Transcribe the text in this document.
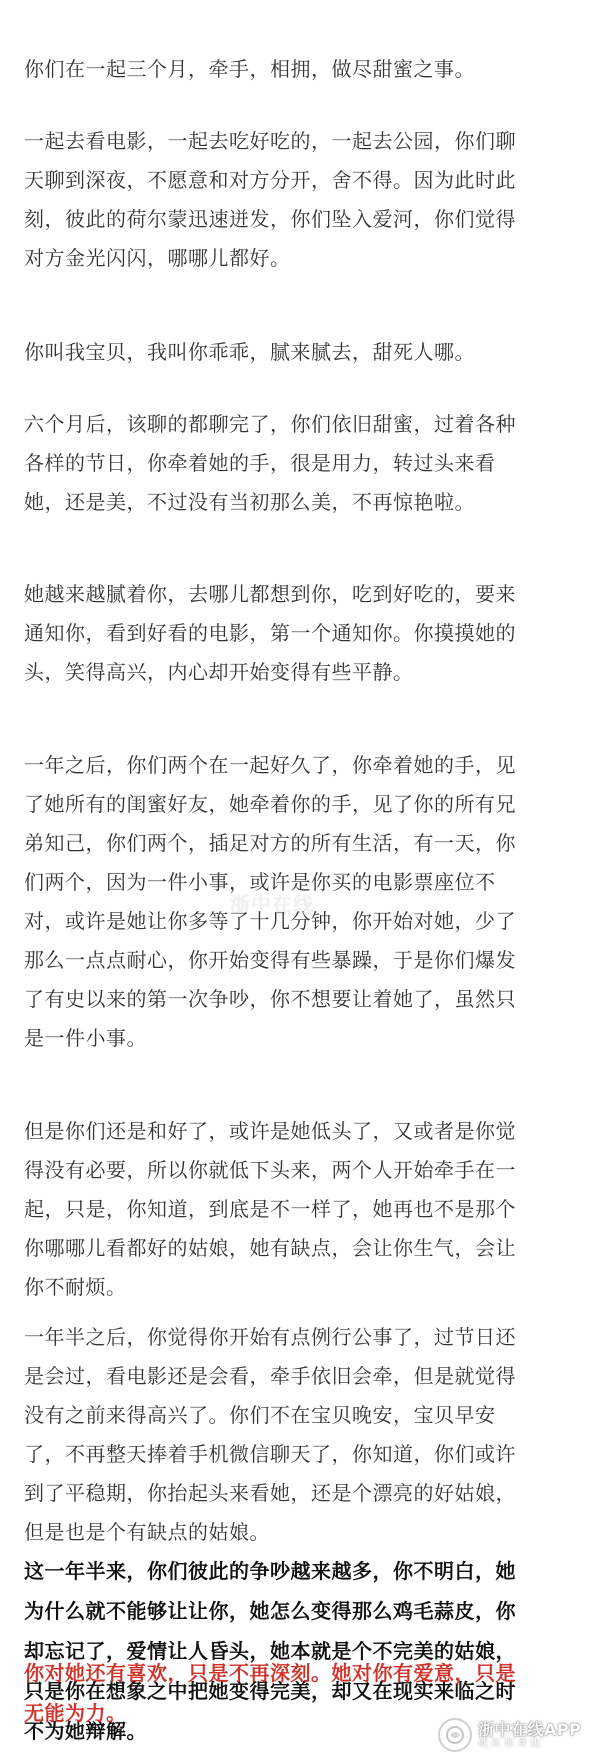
你们在一起三个月，牵手，相拥，做尽甜蜜之事。

一起去看电影，一起去吃好吃的，一起去公园，你们聊
天聊到深夜，不愿意和对方分开，舍不得。因为此时此
刻，彼此的荷尔蒙迅速迸发，你们坠入爱河，你们觉得
对方金光闪闪，哪哪儿都好。

你叫我宝贝，我叫你乖乖，腻来腻去，甜死人哪。

六个月后，该聊的都聊完了，你们依旧甜蜜，过着各种
各样的节日，你牵着她的手，很是用力，转过头来看
她，还是美，不过没有当初那么美，不再惊艳啦。

她越来越腻着你，去哪儿都想到你，吃到好吃的，要来
通知你，看到好看的电影，第一个通知你。你摸摸她的
头，笑得高兴，内心却开始变得有些平静。

一年之后，你们两个在一起好久了，你牵着她的手，见
了她所有的闺蜜好友，她牵着你的手，见了你的所有兄
弟知己，你们两个，插足对方的所有生活，有一天，你
们两个，因为一件小事，或许是你买的电影票座位不
对，或许是她让你多等了十几分钟，你开始对她，少了
那么一点点耐心，你开始变得有些暴躁，于是你们爆发
了有史以来的第一次争吵，你不想要让着她了，虽然只
是一件小事。

但是你们还是和好了，或许是她低头了，又或者是你觉
得没有必要，所以你就低下头来，两个人开始牵手在一
起，只是，你知道，到底是不一样了，她再也不是那个
你哪哪儿看都好的姑娘，她有缺点，会让你生气，会让
你不耐烦。

一年半之后，你觉得你开始有点例行公事了，过节日还
是会过，看电影还是会看，牵手依旧会牵，但是就觉得
没有之前来得高兴了。你们不在宝贝晚安，宝贝早安
了，不再整天捧着手机微信聊天了，你知道，你们或许
到了平稳期，你抬起头来看她，还是个漂亮的好姑娘，
但是也是个有缺点的姑娘。

这一年半来，你们彼此的争吵越来越多，你不明白，她
为什么就不能够让让你，她怎么变得那么鸡毛蒜皮，你
却忘记了，爱情让人昏头，她本就是个不完美的姑娘，
只是你在想象之中把她变得完美，却又在现实来临之时
不为她辩解。

你对她还有喜欢，只是不再深刻。她对你有爱意，只是
无能为力。

浙中在线
浙中在线APP
就在你身边
